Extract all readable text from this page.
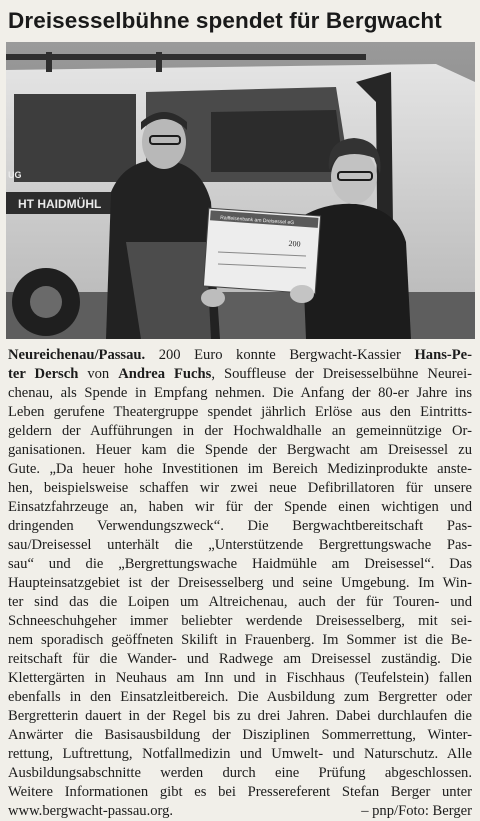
Dreisesselbühne spendet für Bergwacht
HT HAIDMÜHL
UG
Raiffeisenbank am Dreisessel eG
200
Neureichenau/Passau. 200 Euro konnte Bergwacht-Kassier Hans-Pe-
ter Dersch von Andrea Fuchs, Souffleuse der Dreisesselbühne Neurei-
chenau, als Spende in Empfang nehmen. Die Anfang der 80-er Jahre ins
Leben gerufene Theatergruppe spendet jährlich Erlöse aus den Eintritts-
geldern der Aufführungen in der Hochwaldhalle an gemeinnützige Or-
ganisationen. Heuer kam die Spende der Bergwacht am Dreisessel zu
Gute. „Da heuer hohe Investitionen im Bereich Medizinprodukte anste-
hen, beispielsweise schaffen wir zwei neue Defibrillatoren für unsere
Einsatzfahrzeuge an, haben wir für der Spende einen wichtigen und
dringenden Verwendungszweck“. Die Bergwachtbereitschaft Pas-
sau/Dreisessel unterhält die „Unterstützende Bergrettungswache Pas-
sau“ und die „Bergrettungswache Haidmühle am Dreisessel“. Das
Haupteinsatzgebiet ist der Dreisesselberg und seine Umgebung. Im Win-
ter sind das die Loipen um Altreichenau, auch der für Touren- und
Schneeschuhgeher immer beliebter werdende Dreisesselberg, mit sei-
nem sporadisch geöffneten Skilift in Frauenberg. Im Sommer ist die Be-
reitschaft für die Wander- und Radwege am Dreisessel zuständig. Die
Klettergärten in Neuhaus am Inn und in Fischhaus (Teufelstein) fallen
ebenfalls in den Einsatzleitbereich. Die Ausbildung zum Bergretter oder
Bergretterin dauert in der Regel bis zu drei Jahren. Dabei durchlaufen die
Anwärter die Basisausbildung der Disziplinen Sommerrettung, Winter-
rettung, Luftrettung, Notfallmedizin und Umwelt- und Naturschutz. Alle
Ausbildungsabschnitte werden durch eine Prüfung abgeschlossen.
Weitere Informationen gibt es bei Pressereferent Stefan Berger unter
www.bergwacht-passau.org.	– pnp/Foto: Berger
